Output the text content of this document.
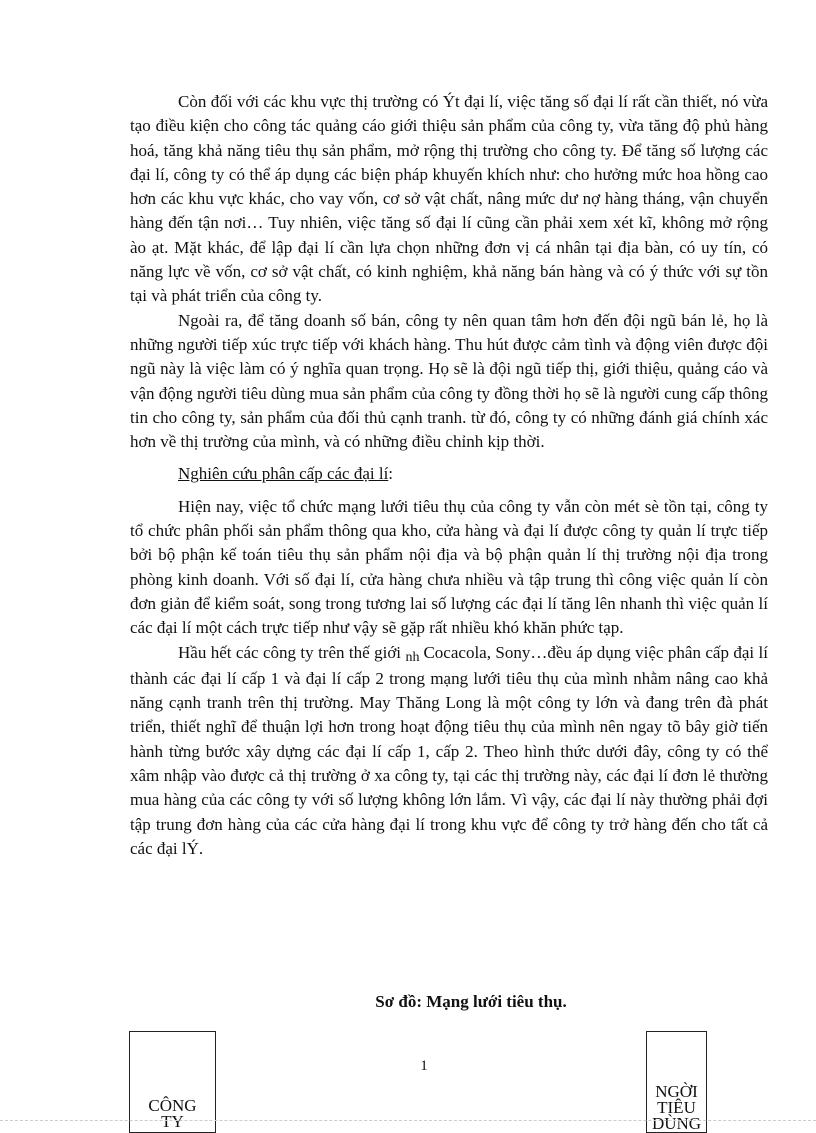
Còn đối với các khu vực thị trường có Ýt đại lí, việc tăng số đại lí rất cần thiết, nó vừa tạo điều kiện cho công tác quảng cáo giới thiệu sản phẩm của công ty, vừa tăng độ phủ hàng hoá, tăng khả năng tiêu thụ sản phẩm, mở rộng thị trường cho công ty. Để tăng số lượng các đại lí, công ty có thể áp dụng các biện pháp khuyến khích như: cho hưởng mức hoa hồng cao hơn các khu vực khác, cho vay vốn, cơ sở vật chất, nâng mức dư nợ hàng tháng, vận chuyển hàng đến tận nơi… Tuy nhiên, việc tăng số đại lí cũng cần phải xem xét kĩ, không mở rộng ào ạt. Mặt khác, để lập đại lí cần lựa chọn những đơn vị cá nhân tại địa bàn, có uy tín, có năng lực về vốn, cơ sở vật chất, có kinh nghiệm, khả năng bán hàng và có ý thức với sự tồn tại và phát triển của công ty.

Ngoài ra, để tăng doanh số bán, công ty nên quan tâm hơn đến đội ngũ bán lẻ, họ là những người tiếp xúc trực tiếp với khách hàng. Thu hút được cảm tình và động viên được đội ngũ này là việc làm có ý nghĩa quan trọng. Họ sẽ là đội ngũ tiếp thị, giới thiệu, quảng cáo và vận động người tiêu dùng mua sản phẩm của công ty đồng thời họ sẽ là người cung cấp thông tin cho công ty, sản phẩm của đối thủ cạnh tranh. từ đó, công ty có những đánh giá chính xác hơn về thị trường của mình, và có những điều chỉnh kịp thời.

Nghiên cứu phân cấp các đại lí:

Hiện nay, việc tổ chức mạng lưới tiêu thụ của công ty vẫn còn mét sè tồn tại, công ty tổ chức phân phối sản phẩm thông qua kho, cửa hàng và đại lí được công ty quản lí trực tiếp bởi bộ phận kế toán tiêu thụ sản phẩm nội địa và bộ phận quản lí thị trường nội địa trong phòng kinh doanh. Với số đại lí, cửa hàng chưa nhiều và tập trung thì công việc quản lí còn đơn giản để kiểm soát, song trong tương lai số lượng các đại lí tăng lên nhanh thì việc quản lí các đại lí một cách trực tiếp như vậy sẽ gặp rất nhiều khó khăn phức tạp.

Hầu hết các công ty trên thế giới nh Cocacola, Sony…đều áp dụng việc phân cấp đại lí thành các đại lí cấp 1 và đại lí cấp 2 trong mạng lưới tiêu thụ của mình nhằm nâng cao khả năng cạnh tranh trên thị trường. May Thăng Long là một công ty lớn và đang trên đà phát triển, thiết nghĩ để thuận lợi hơn trong hoạt động tiêu thụ của mình nên ngay tõ bây giờ tiến hành từng bước xây dựng các đại lí cấp 1, cấp 2. Theo hình thức dưới đây, công ty có thể xâm nhập vào được cả thị trường ở xa công ty, tại các thị trường này, các đại lí đơn lẻ thường mua hàng của các công ty với số lượng không lớn lắm. Vì vậy, các đại lí này thường phải đợi tập trung đơn hàng của các cửa hàng đại lí trong khu vực để công ty trở hàng đến cho tất cả các đại lÝ.

Sơ đồ: Mạng lưới tiêu thụ.
CÔNG
TY
1
NGỜI
TIÊU
DÙNG
